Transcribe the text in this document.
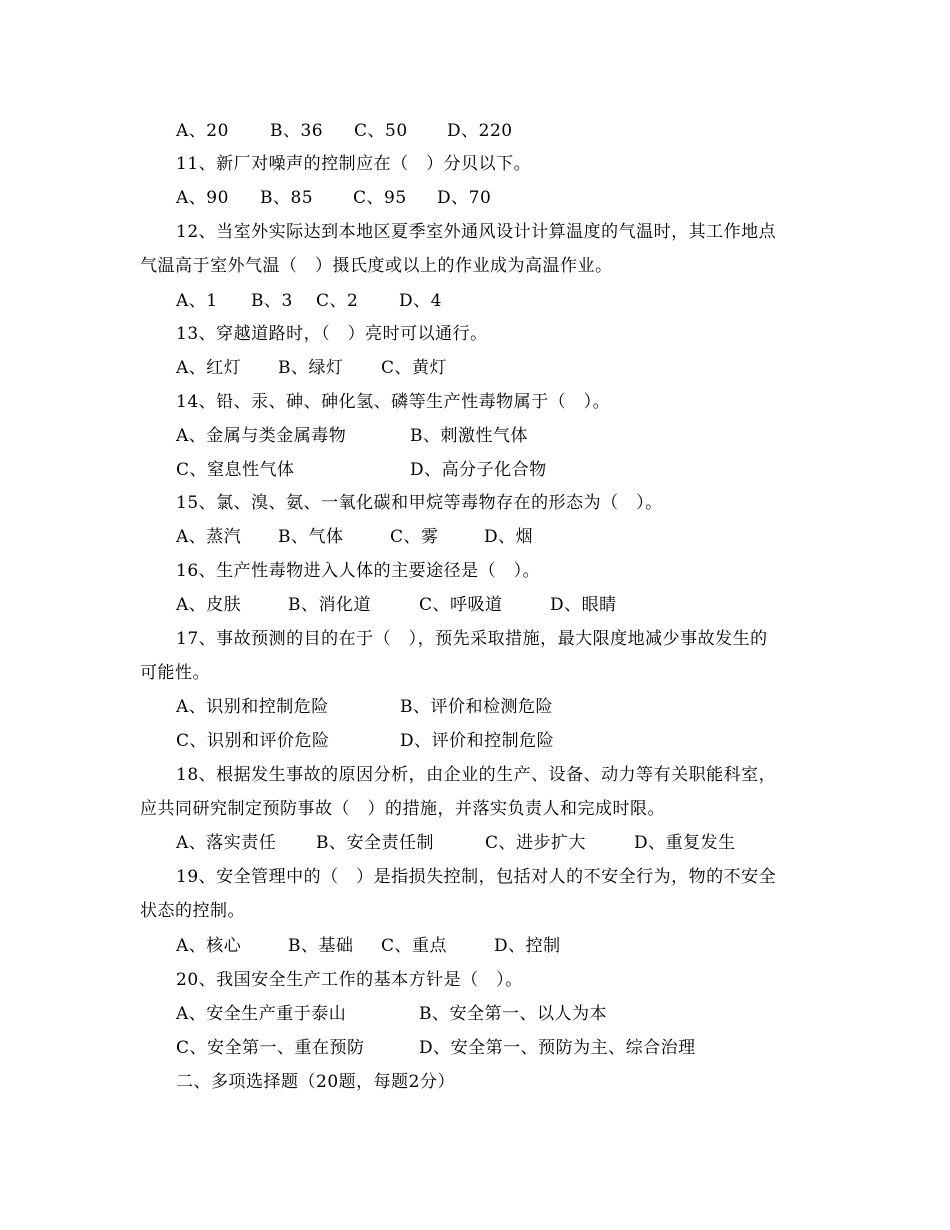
A、20 B、36 C、50 D、220
11、新厂对噪声的控制应在（　）分贝以下。
A、90 B、85 C、95 D、70
12、当室外实际达到本地区夏季室外通风设计计算温度的气温时，其工作地点
气温高于室外气温（　）摄氏度或以上的作业成为高温作业。
A、1 B、3 C、2 D、4
13、穿越道路时，（　）亮时可以通行。
A、红灯 B、绿灯 C、黄灯
14、铅、汞、砷、砷化氢、磷等生产性毒物属于（　）。
A、金属与类金属毒物	B、刺激性气体
C、窒息性气体	D、高分子化合物
15、氯、溴、氨、一氧化碳和甲烷等毒物存在的形态为（　）。
A、蒸汽 B、气体	C、雾	D、烟
16、生产性毒物进入人体的主要途径是（　）。
A、皮肤	B、消化道	C、呼吸道	D、眼睛
17、事故预测的目的在于（　），预先采取措施，最大限度地减少事故发生的
可能性。
A、识别和控制危险	B、评价和检测危险
C、识别和评价危险	D、评价和控制危险
18、根据发生事故的原因分析，由企业的生产、设备、动力等有关职能科室，
应共同研究制定预防事故（　）的措施，并落实负责人和完成时限。
A、落实责任 B、安全责任制	C、进步扩大	D、重复发生
19、安全管理中的（　）是指损失控制，包括对人的不安全行为，物的不安全
状态的控制。
A、核心	B、基础 C、重点	D、控制
20、我国安全生产工作的基本方针是（　）。
A、安全生产重于泰山	B、安全第一、以人为本
C、安全第一、重在预防	D、安全第一、预防为主、综合治理
二、多项选择题（20题，每题2分）
